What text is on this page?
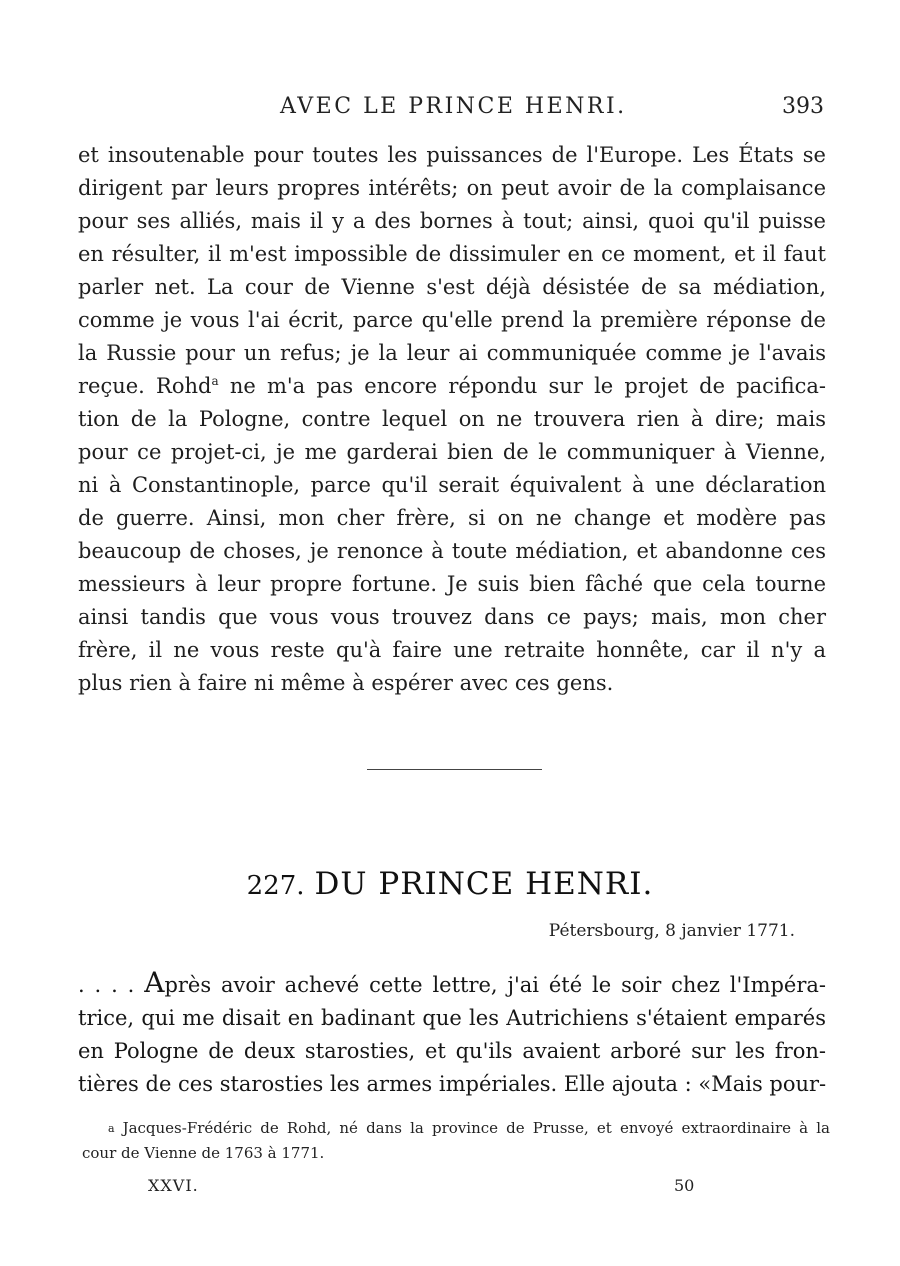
AVEC LE PRINCE HENRI.	393

et insoutenable pour toutes les puissances de l'Europe. Les États se
dirigent par leurs propres intérêts; on peut avoir de la complaisance
pour ses alliés, mais il y a des bornes à tout; ainsi, quoi qu'il puisse
en résulter, il m'est impossible de dissimuler en ce moment, et il faut
parler net. La cour de Vienne s'est déjà désistée de sa médiation,
comme je vous l'ai écrit, parce qu'elle prend la première réponse de
la Russie pour un refus; je la leur ai communiquée comme je l'avais
reçue. Rohd$^a$ ne m'a pas encore répondu sur le projet de pacifica-
tion de la Pologne, contre lequel on ne trouvera rien à dire; mais
pour ce projet-ci, je me garderai bien de le communiquer à Vienne,
ni à Constantinople, parce qu'il serait équivalent à une déclaration
de guerre. Ainsi, mon cher frère, si on ne change et modère pas
beaucoup de choses, je renonce à toute médiation, et abandonne ces
messieurs à leur propre fortune. Je suis bien fâché que cela tourne
ainsi tandis que vous vous trouvez dans ce pays; mais, mon cher
frère, il ne vous reste qu'à faire une retraite honnête, car il n'y a
plus rien à faire ni même à espérer avec ces gens.

227. DU PRINCE HENRI.
Pétersbourg, 8 janvier 1771.
. . . . Après avoir achevé cette lettre, j'ai été le soir chez l'Impéra-
trice, qui me disait en badinant que les Autrichiens s'étaient emparés
en Pologne de deux starosties, et qu'ils avaient arboré sur les fron-
tières de ces starosties les armes impériales. Elle ajouta : «Mais pour-
a Jacques-Frédéric de Rohd, né dans la province de Prusse, et envoyé extraordinaire à la
cour de Vienne de 1763 à 1771.
XXVI.	50
